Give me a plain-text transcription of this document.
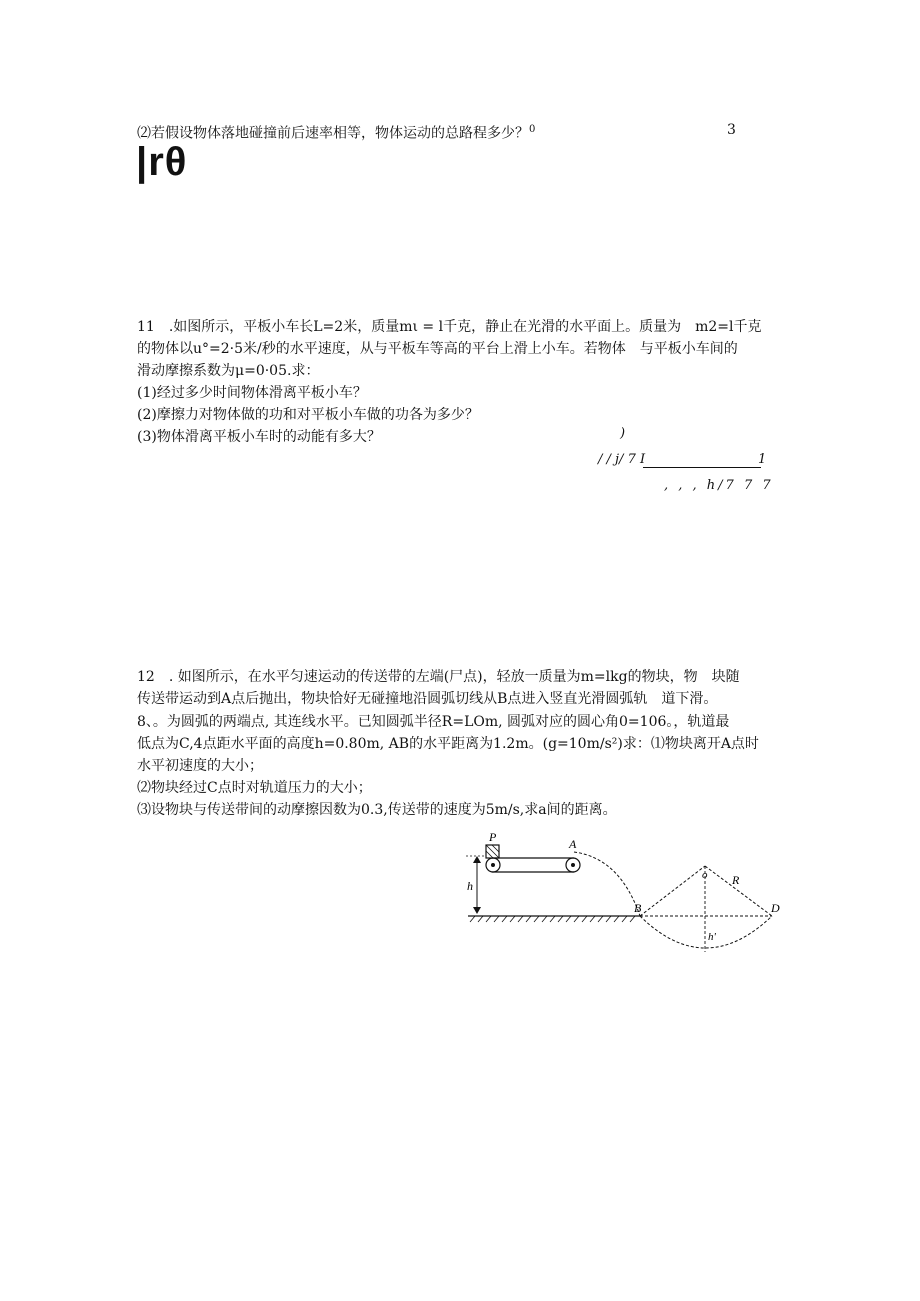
⑵若假设物体落地碰撞前后速率相等，物体运动的总路程多少？$^0$	3
|rθ
11　.如图所示，平板小车长L=2米，质量mι = l千克，静止在光滑的水平面上。质量为　m2=l千克
的物体以u°=2·5米/秒的水平速度，从与平板车等高的平台上滑上小车。若物体　与平板小车间的
滑动摩擦系数为μ=0·05.求：
(1)经过多少时间物体滑离平板小车？
(2)摩擦力对物体做的功和对平板小车做的功各为多少？
(3)物体滑离平板小车时的动能有多大？	)
/ / j/ 7 I	1
, , , h/7 7 7
12　. 如图所示，在水平匀速运动的传送带的左端(尸点)，轻放一质量为m=lkg的物块，物　块随
传送带运动到A点后抛出，物块恰好无碰撞地沿圆弧切线从B点进入竖直光滑圆弧轨　道下滑。
8、。为圆弧的两端点, 其连线水平。已知圆弧半径R=LOm, 圆弧对应的圆心角0=106。，轨道最
低点为C,4点距水平面的高度h=0.80m, AB的水平距离为1.2m。(g=10m∕s²)求：⑴物块离开A点时
水平初速度的大小；
⑵物块经过C点时对轨道压力的大小；
⑶设物块与传送带间的动摩擦因数为0.3,传送带的速度为5m∕s,求a间的距离。
P	A
h
B
o R
D
h'
